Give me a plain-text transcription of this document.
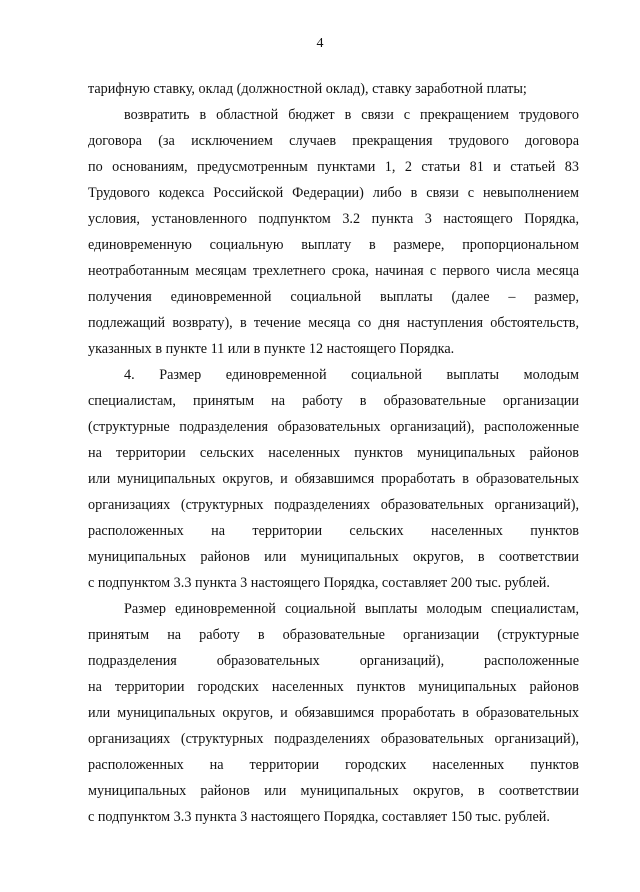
4
тарифную ставку, оклад (должностной оклад), ставку заработной платы;
возвратить в областной бюджет в связи с прекращением трудового
договора (за исключением случаев прекращения трудового договора
по основаниям, предусмотренным пунктами 1, 2 статьи 81 и статьей 83
Трудового кодекса Российской Федерации) либо в связи с невыполнением
условия, установленного подпунктом 3.2 пункта 3 настоящего Порядка,
единовременную социальную выплату в размере, пропорциональном
неотработанным месяцам трехлетнего срока, начиная с первого числа месяца
получения единовременной социальной выплаты (далее – размер,
подлежащий возврату), в течение месяца со дня наступления обстоятельств,
указанных в пункте 11 или в пункте 12 настоящего Порядка.
4. Размер единовременной социальной выплаты молодым
специалистам, принятым на работу в образовательные организации
(структурные подразделения образовательных организаций), расположенные
на территории сельских населенных пунктов муниципальных районов
или муниципальных округов, и обязавшимся проработать в образовательных
организациях (структурных подразделениях образовательных организаций),
расположенных на территории сельских населенных пунктов
муниципальных районов или муниципальных округов, в соответствии
с подпунктом 3.3 пункта 3 настоящего Порядка, составляет 200 тыс. рублей.
Размер единовременной социальной выплаты молодым специалистам,
принятым на работу в образовательные организации (структурные
подразделения образовательных организаций), расположенные
на территории городских населенных пунктов муниципальных районов
или муниципальных округов, и обязавшимся проработать в образовательных
организациях (структурных подразделениях образовательных организаций),
расположенных на территории городских населенных пунктов
муниципальных районов или муниципальных округов, в соответствии
с подпунктом 3.3 пункта 3 настоящего Порядка, составляет 150 тыс. рублей.
